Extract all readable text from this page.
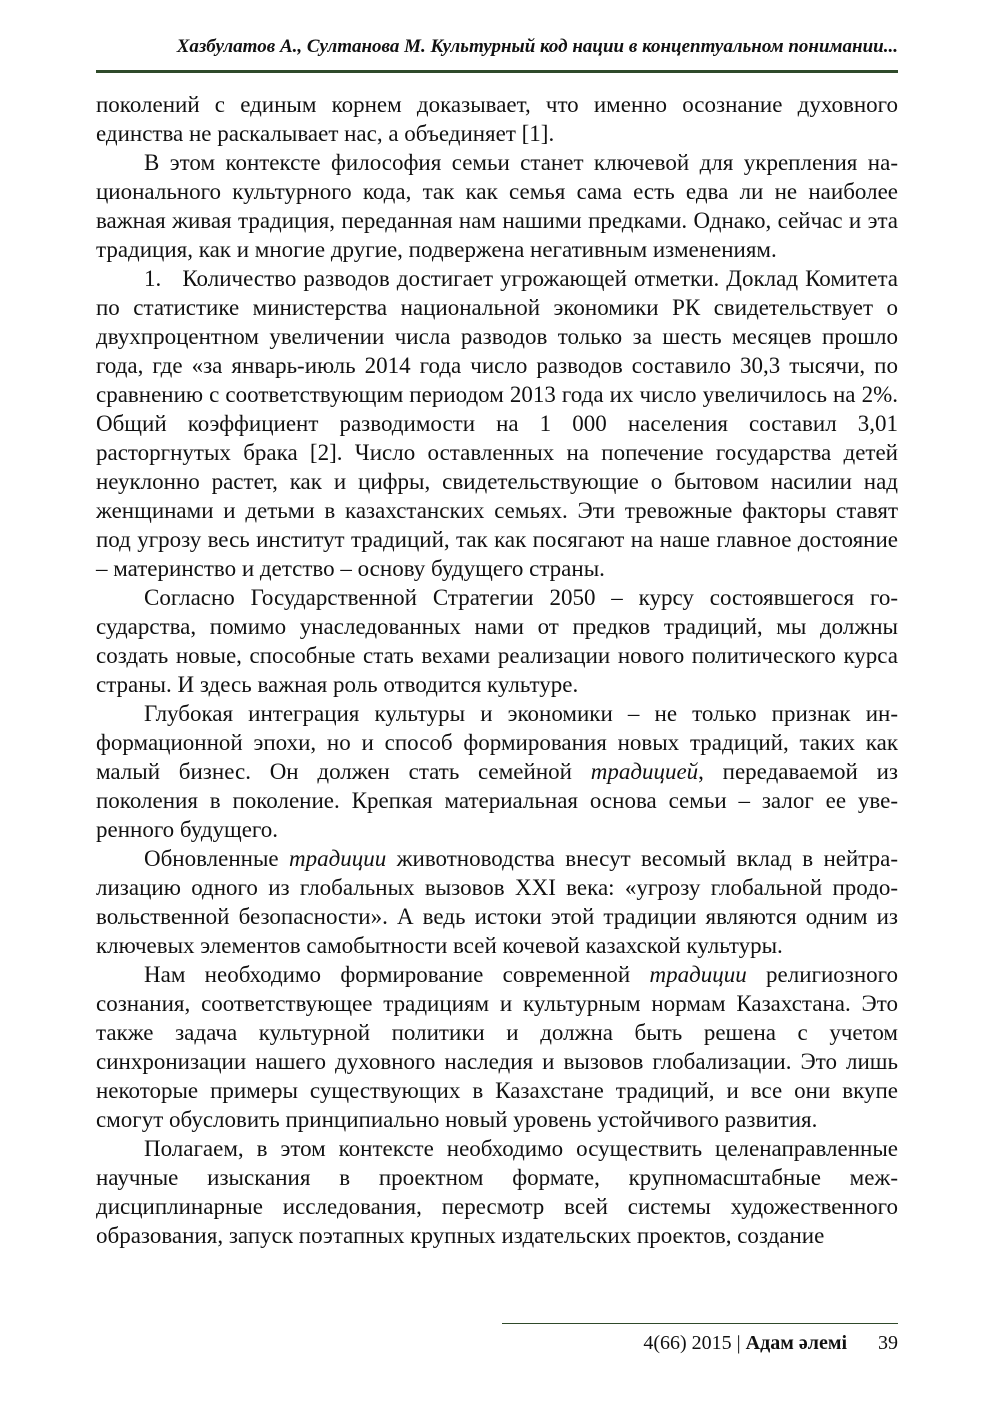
Хазбулатов А., Султанова М. Культурный код нации в концептуальном понимании...

поколений с единым корнем доказывает, что именно осознание духовного единства не раскалывает нас, а объединяет [1].

В этом контексте философия семьи станет ключевой для укрепления национального культурного кода, так как семья сама есть едва ли не наиболее важная живая традиция, переданная нам нашими предками. Однако, сейчас и эта традиция, как и многие другие, подвержена негативным изменениям.

1. Количество разводов достигает угрожающей отметки. Доклад Комитета по статистике министерства национальной экономики РК свидетельствует о двухпроцентном увеличении числа разводов только за шесть месяцев прошло года, где «за январь-июль 2014 года число разводов составило 30,3 тысячи, по сравнению с соответствующим периодом 2013 года их число увеличилось на 2%. Общий коэффициент разводимости на 1 000 населения составил 3,01 расторгнутых брака [2]. Число оставленных на попечение государства детей неуклонно растет, как и цифры, свидетельствующие о бытовом насилии над женщинами и детьми в казахстанских семьях. Эти тревожные факторы ставят под угрозу весь институт традиций, так как посягают на наше главное достояние – материнство и детство – основу будущего страны.

Согласно Государственной Стратегии 2050 – курсу состоявшегося государства, помимо унаследованных нами от предков традиций, мы должны создать новые, способные стать вехами реализации нового политического курса страны. И здесь важная роль отводится культуре.

Глубокая интеграция культуры и экономики – не только признак информационной эпохи, но и способ формирования новых традиций, таких как малый бизнес. Он должен стать семейной традицией, передаваемой из поколения в поколение. Крепкая материальная основа семьи – залог ее уверенного будущего.

Обновленные традиции животноводства внесут весомый вклад в нейтрализацию одного из глобальных вызовов XXI века: «угрозу глобальной продовольственной безопасности». А ведь истоки этой традиции являются одним из ключевых элементов самобытности всей кочевой казахской культуры.

Нам необходимо формирование современной традиции религиозного сознания, соответствующее традициям и культурным нормам Казахстана. Это также задача культурной политики и должна быть решена с учетом синхронизации нашего духовного наследия и вызовов глобализации. Это лишь некоторые примеры существующих в Казахстане традиций, и все они вкупе смогут обусловить принципиально новый уровень устойчивого развития.

Полагаем, в этом контексте необходимо осуществить целенаправленные научные изыскания в проектном формате, крупномасштабные междисциплинарные исследования, пересмотр всей системы художественного образования, запуск поэтапных крупных издательских проектов, создание

4(66) 2015 | Адам әлемі 39
